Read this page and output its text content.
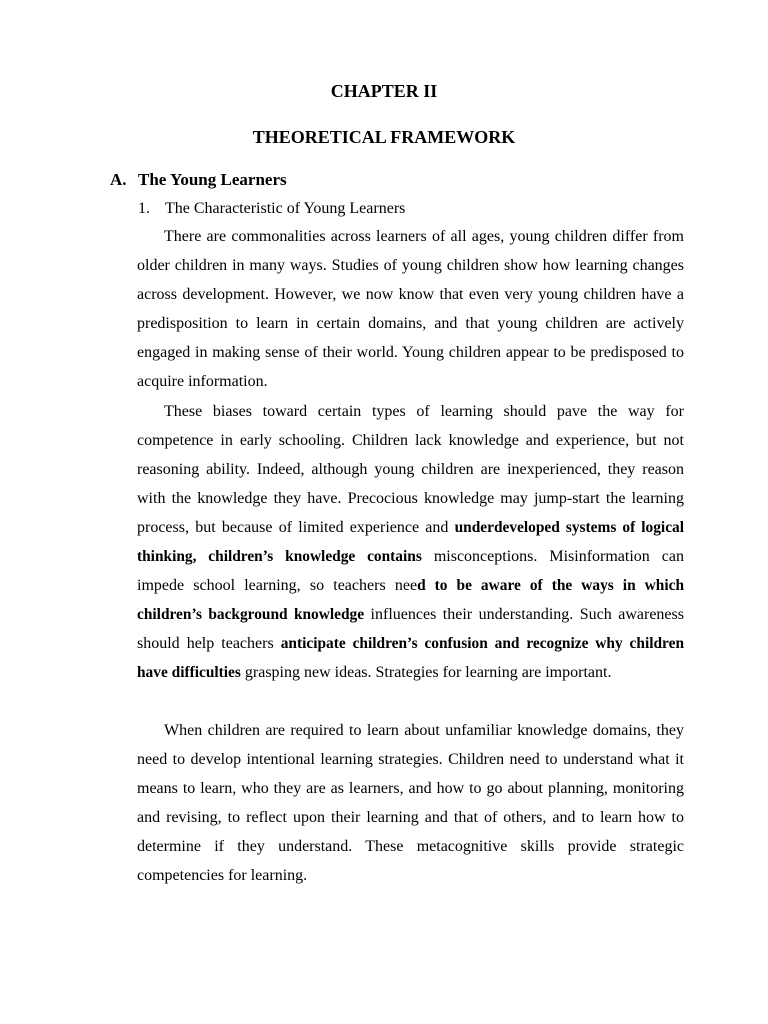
CHAPTER II
THEORETICAL FRAMEWORK
A. The Young Learners
1. The Characteristic of Young Learners

There are commonalities across learners of all ages, young children differ from older children in many ways. Studies of young children show how learning changes across development. However, we now know that even very young children have a predisposition to learn in certain domains, and that young children are actively engaged in making sense of their world. Young children appear to be predisposed to acquire information.

These biases toward certain types of learning should pave the way for competence in early schooling. Children lack knowledge and experience, but not reasoning ability. Indeed, although young children are inexperienced, they reason with the knowledge they have. Precocious knowledge may jump-start the learning process, but because of limited experience and underdeveloped systems of logical thinking, children’s knowledge contains misconceptions. Misinformation can impede school learning, so teachers need to be aware of the ways in which children’s background knowledge influences their understanding. Such awareness should help teachers anticipate children’s confusion and recognize why children have difficulties grasping new ideas. Strategies for learning are important.

When children are required to learn about unfamiliar knowledge domains, they need to develop intentional learning strategies. Children need to understand what it means to learn, who they are as learners, and how to go about planning, monitoring and revising, to reflect upon their learning and that of others, and to learn how to determine if they understand. These metacognitive skills provide strategic competencies for learning.
